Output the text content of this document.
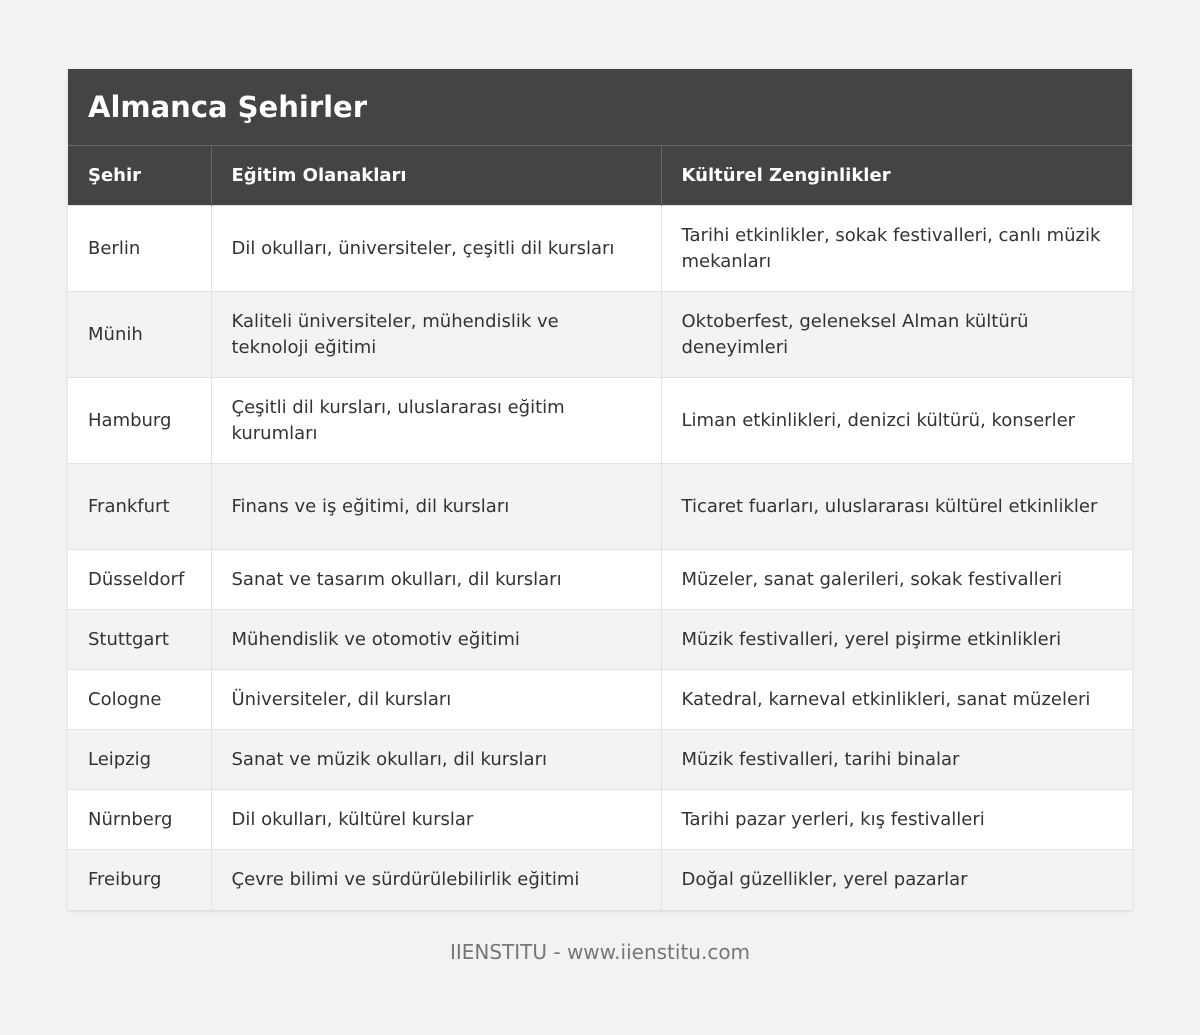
Almanca Şehirler
Şehir	Eğitim Olanakları	Kültürel Zenginlikler
Berlin	Dil okulları, üniversiteler, çeşitli dil kursları	Tarihi etkinlikler, sokak festivalleri, canlı müzik mekanları
Münih	Kaliteli üniversiteler, mühendislik ve teknoloji eğitimi	Oktoberfest, geleneksel Alman kültürü deneyimleri
Hamburg	Çeşitli dil kursları, uluslararası eğitim kurumları	Liman etkinlikleri, denizci kültürü, konserler
Frankfurt	Finans ve iş eğitimi, dil kursları	Ticaret fuarları, uluslararası kültürel etkinlikler
Düsseldorf	Sanat ve tasarım okulları, dil kursları	Müzeler, sanat galerileri, sokak festivalleri
Stuttgart	Mühendislik ve otomotiv eğitimi	Müzik festivalleri, yerel pişirme etkinlikleri
Cologne	Üniversiteler, dil kursları	Katedral, karneval etkinlikleri, sanat müzeleri
Leipzig	Sanat ve müzik okulları, dil kursları	Müzik festivalleri, tarihi binalar
Nürnberg	Dil okulları, kültürel kurslar	Tarihi pazar yerleri, kış festivalleri
Freiburg	Çevre bilimi ve sürdürülebilirlik eğitimi	Doğal güzellikler, yerel pazarlar
IIENSTITU - www.iienstitu.com
